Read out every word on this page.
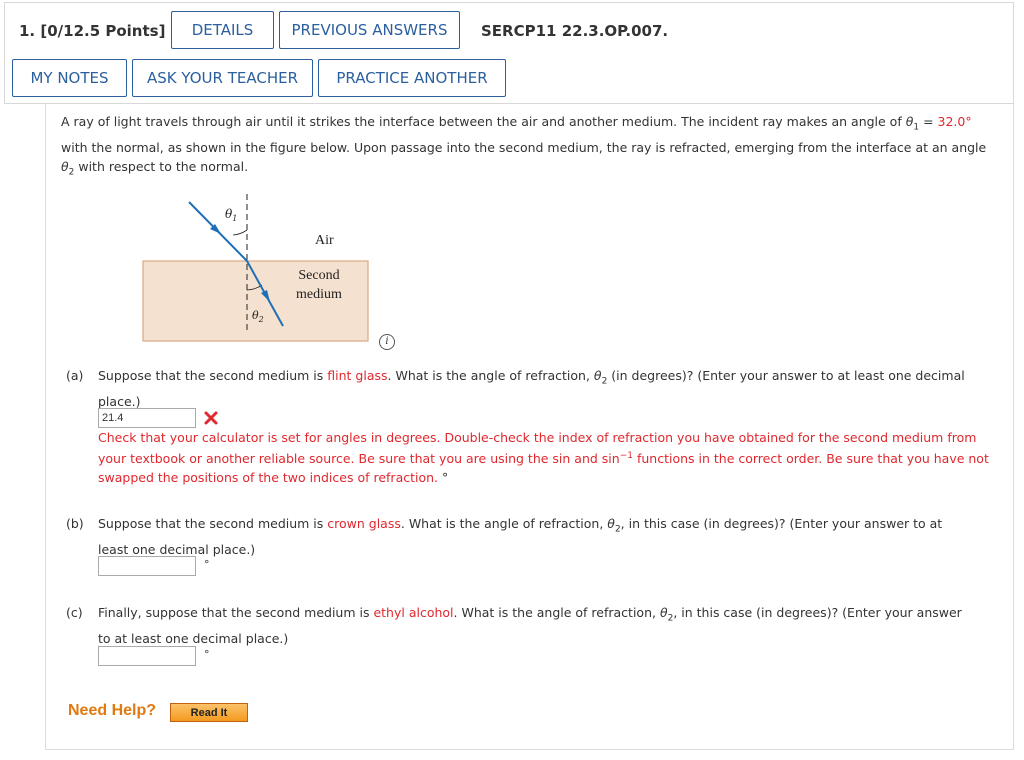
1. [0/12.5 Points]	DETAILS	PREVIOUS ANSWERS	SERCP11 22.3.OP.007.
MY NOTES	ASK YOUR TEACHER	PRACTICE ANOTHER
A ray of light travels through air until it strikes the interface between the air and another medium. The incident ray makes an angle of $\theta_1 = 32.0^\circ$ with the normal, as shown in the figure below. Upon passage into the second medium, the ray is refracted, emerging from the interface at an angle $\theta_2$ with respect to the normal.
$\theta_1$
Air
Second
medium
$\theta_2$
i
(a) Suppose that the second medium is flint glass. What is the angle of refraction, $\theta_2$ (in degrees)? (Enter your answer to at least one decimal place.)
21.4
Check that your calculator is set for angles in degrees. Double-check the index of refraction you have obtained for the second medium from your textbook or another reliable source. Be sure that you are using the sin and $\sin^{-1}$ functions in the correct order. Be sure that you have not swapped the positions of the two indices of refraction. °
(b) Suppose that the second medium is crown glass. What is the angle of refraction, $\theta_2$, in this case (in degrees)? (Enter your answer to at least one decimal place.)
°
(c) Finally, suppose that the second medium is ethyl alcohol. What is the angle of refraction, $\theta_2$, in this case (in degrees)? (Enter your answer to at least one decimal place.)
°
Need Help?	Read It
